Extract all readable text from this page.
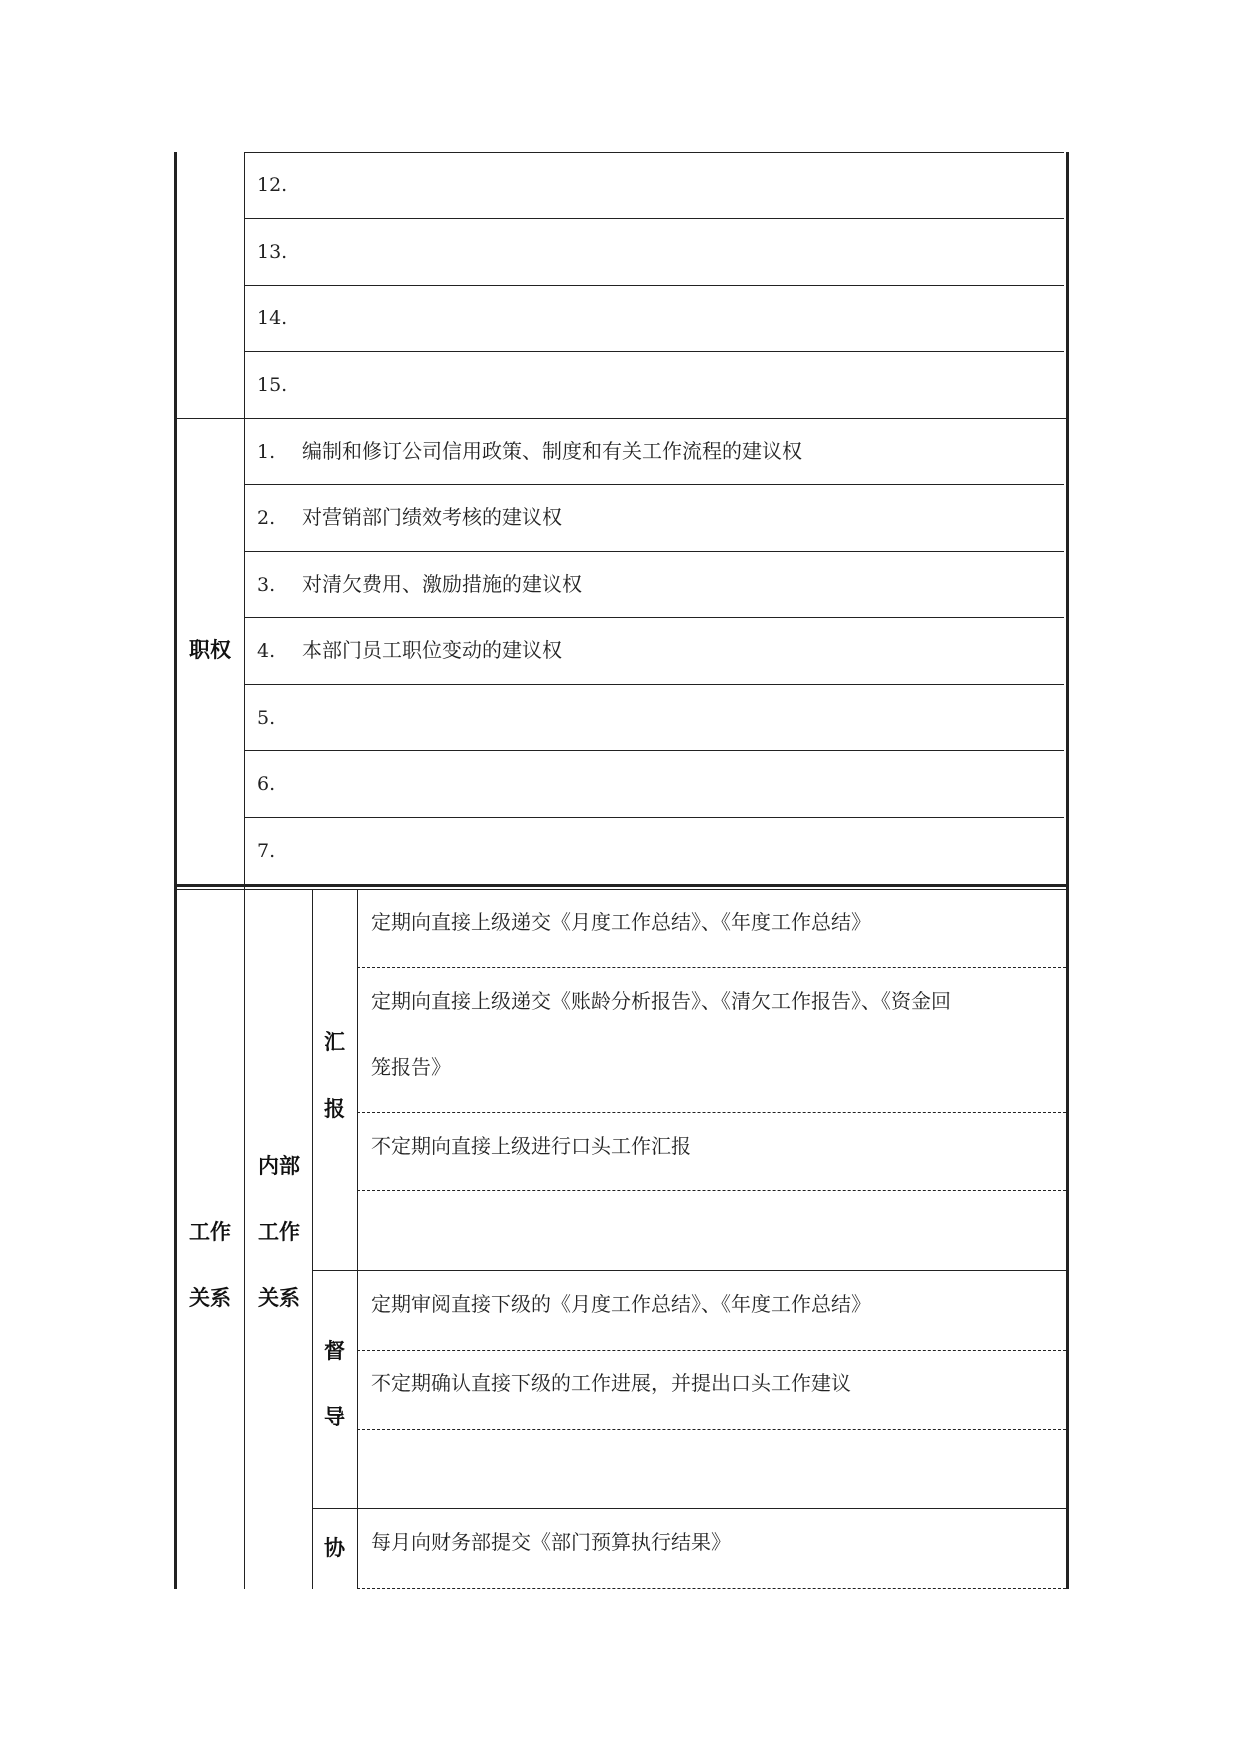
12.
13.
14.
15.
职权
1. 编制和修订公司信用政策、制度和有关工作流程的建议权
2. 对营销部门绩效考核的建议权
3. 对清欠费用、激励措施的建议权
4. 本部门员工职位变动的建议权
5.
6.
7.
工作
关系
内部
工作
关系
汇
报
定期向直接上级递交《月度工作总结》、《年度工作总结》
定期向直接上级递交《账龄分析报告》、《清欠工作报告》、《资金回
笼报告》
不定期向直接上级进行口头工作汇报
督
导
定期审阅直接下级的《月度工作总结》、《年度工作总结》
不定期确认直接下级的工作进展，并提出口头工作建议
协 每月向财务部提交《部门预算执行结果》
